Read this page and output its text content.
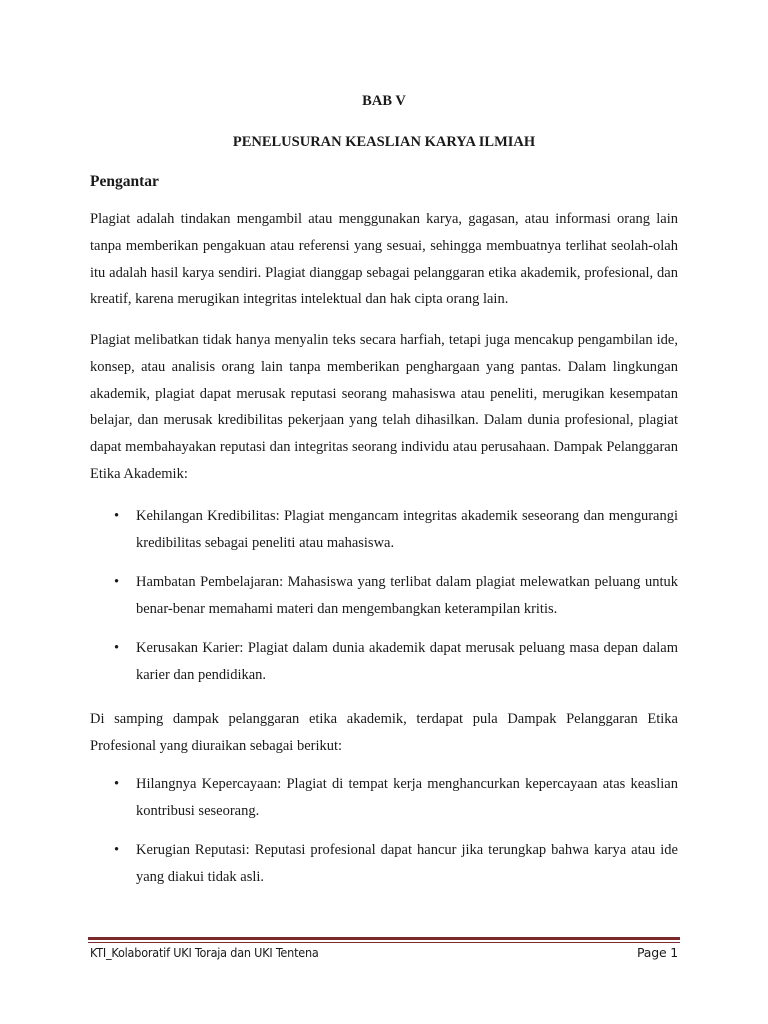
BAB V
PENELUSURAN KEASLIAN KARYA ILMIAH
Pengantar

Plagiat adalah tindakan mengambil atau menggunakan karya, gagasan, atau informasi orang lain tanpa memberikan pengakuan atau referensi yang sesuai, sehingga membuatnya terlihat seolah-olah itu adalah hasil karya sendiri. Plagiat dianggap sebagai pelanggaran etika akademik, profesional, dan kreatif, karena merugikan integritas intelektual dan hak cipta orang lain.

Plagiat melibatkan tidak hanya menyalin teks secara harfiah, tetapi juga mencakup pengambilan ide, konsep, atau analisis orang lain tanpa memberikan penghargaan yang pantas. Dalam lingkungan akademik, plagiat dapat merusak reputasi seorang mahasiswa atau peneliti, merugikan kesempatan belajar, dan merusak kredibilitas pekerjaan yang telah dihasilkan. Dalam dunia profesional, plagiat dapat membahayakan reputasi dan integritas seorang individu atau perusahaan. Dampak Pelanggaran Etika Akademik:

• Kehilangan Kredibilitas: Plagiat mengancam integritas akademik seseorang dan mengurangi kredibilitas sebagai peneliti atau mahasiswa.
• Hambatan Pembelajaran: Mahasiswa yang terlibat dalam plagiat melewatkan peluang untuk benar-benar memahami materi dan mengembangkan keterampilan kritis.
• Kerusakan Karier: Plagiat dalam dunia akademik dapat merusak peluang masa depan dalam karier dan pendidikan.

Di samping dampak pelanggaran etika akademik, terdapat pula Dampak Pelanggaran Etika Profesional yang diuraikan sebagai berikut:

• Hilangnya Kepercayaan: Plagiat di tempat kerja menghancurkan kepercayaan atas keaslian kontribusi seseorang.
• Kerugian Reputasi: Reputasi profesional dapat hancur jika terungkap bahwa karya atau ide yang diakui tidak asli.
KTI_Kolaboratif UKI Toraja dan UKI Tentena	Page 1
